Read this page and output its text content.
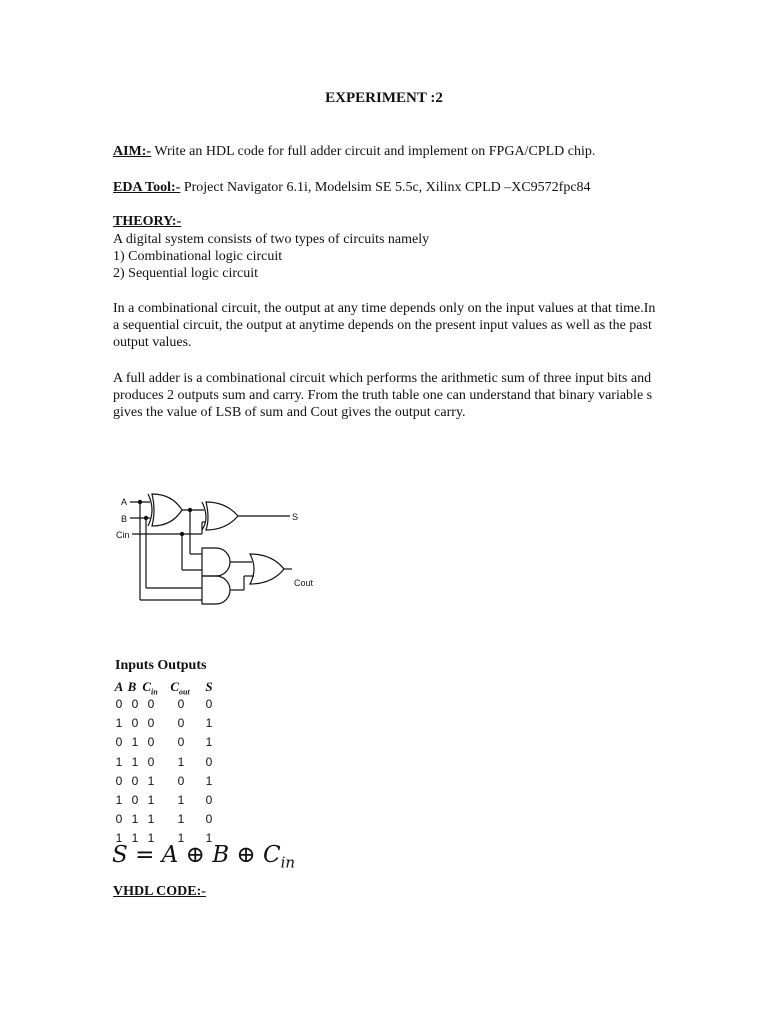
EXPERIMENT :2
AIM:- Write an HDL code for full adder circuit and implement on FPGA/CPLD chip.
EDA Tool:- Project Navigator 6.1i, Modelsim SE 5.5c, Xilinx CPLD –XC9572fpc84
THEORY:-
A digital system consists of two types of circuits namely
1) Combinational logic circuit
2) Sequential logic circuit

In a combinational circuit, the output at any time depends only on the input values at that time.In a sequential circuit, the output at anytime depends on the present input values as well as the past output values.

A full adder is a combinational circuit which performs the arithmetic sum of three input bits and produces 2 outputs sum and carry. From the truth table one can understand that binary variable s gives the value of LSB of sum and Cout gives the output carry.

A
B
Cin
S
Cout
Inputs Outputs
A B $C_{in}$ $C_{out}$	S
0 0 0	0	0
1 0 0	0	1
0 1 0	0	1
1 1 0	1	0
0 0 1	0	1
1 0 1	1	0
0 1 1	1	0
1 1 1	1	1
S = A ⊕ B ⊕ $C_{in}$
VHDL CODE:-
